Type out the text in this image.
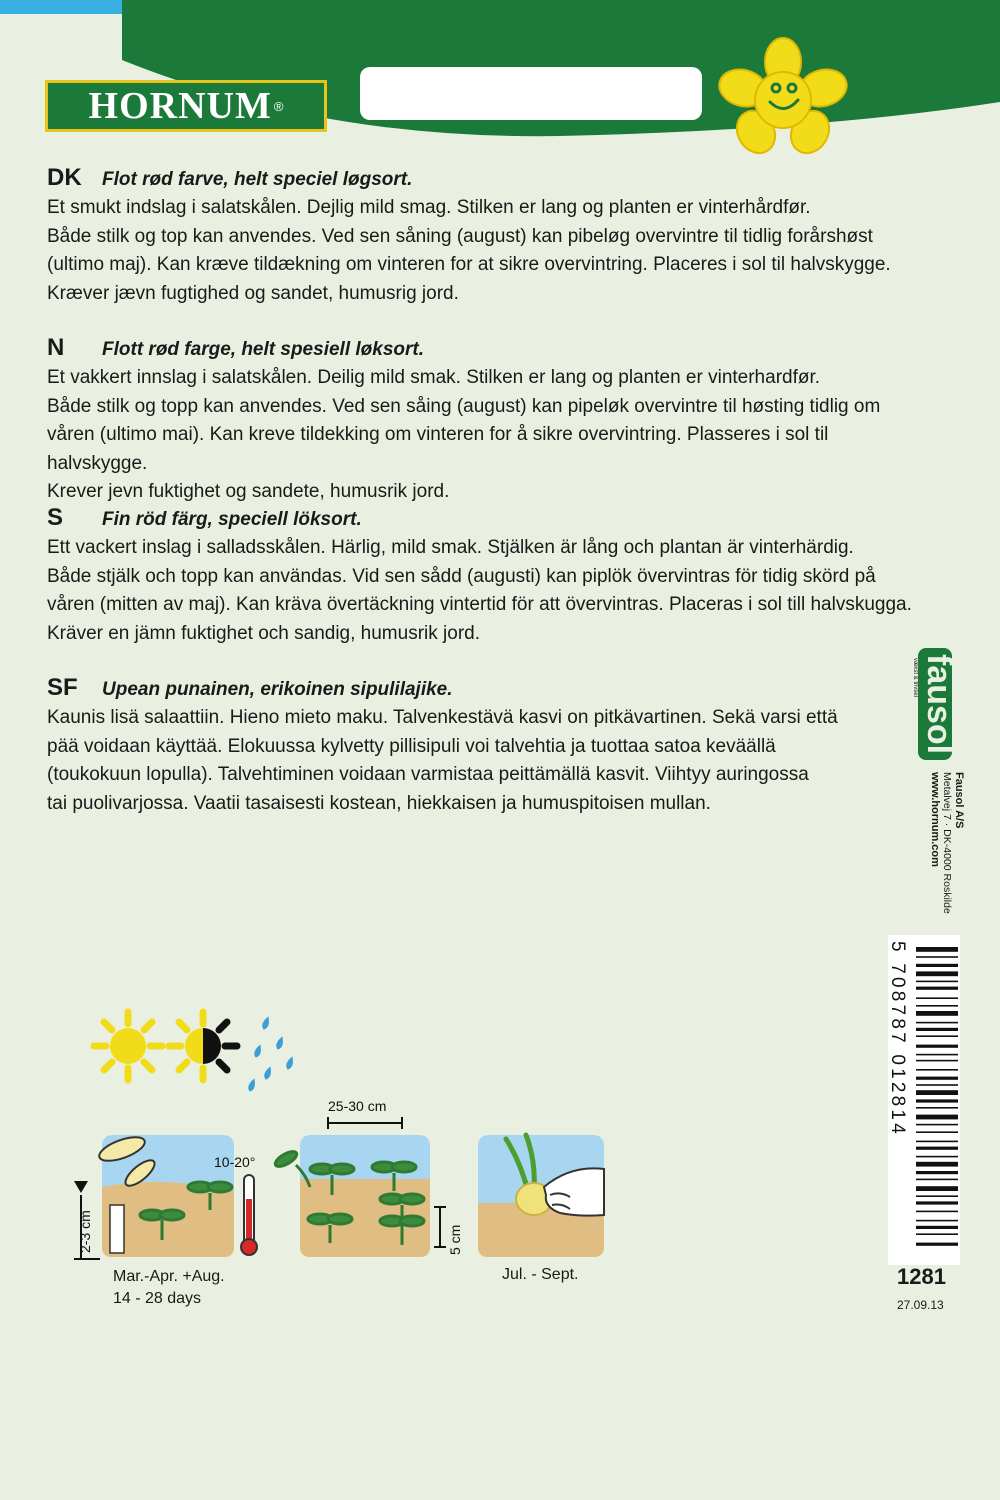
HORNUM ®
DK	Flot rød farve, helt speciel løgsort.

Et smukt indslag i salatskålen. Dejlig mild smag. Stilken er lang og planten er vinterhårdfør.
Både stilk og top kan anvendes. Ved sen såning (august) kan pibeløg overvintre til tidlig forårshøst
(ultimo maj). Kan kræve tildækning om vinteren for at sikre overvintring. Placeres i sol til halvskygge.
Kræver jævn fugtighed og sandet, humusrig jord.

N	Flott rød farge, helt spesiell løksort.

Et vakkert innslag i salatskålen. Deilig mild smak. Stilken er lang og planten er vinterhardfør.
Både stilk og topp kan anvendes. Ved sen såing (august) kan pipeløk overvintre til høsting tidlig om
våren (ultimo mai). Kan kreve tildekking om vinteren for å sikre overvintring. Plasseres i sol til halvskygge.
Krever jevn fuktighet og sandete, humusrik jord.

S	Fin röd färg, speciell löksort.

Ett vackert inslag i salladsskålen. Härlig, mild smak. Stjälken är lång och plantan är vinterhärdig.
Både stjälk och topp kan användas. Vid sen sådd (augusti) kan piplök övervintras för tidig skörd på
våren (mitten av maj). Kan kräva övertäckning vintertid för att övervintras. Placeras i sol till halvskugga.
Kräver en jämn fuktighet och sandig, humusrik jord.

SF	Upean punainen, erikoinen sipulilajike.

Kaunis lisä salaattiin. Hieno mieto maku. Talvenkestävä kasvi on pitkävartinen. Sekä varsi että
pää voidaan käyttää. Elokuussa kylvetty pillisipuli voi talvehtia ja tuottaa satoa keväällä
(toukokuun lopulla). Talvehtiminen voidaan varmistaa peittämällä kasvit. Viihtyy auringossa
tai puolivarjossa. Vaatii tasaisesti kostean, hiekkaisen ja humuspitoisen mullan.

fausol
vækst & trivsel
Fausol A/S
Metalvej 7 · DK-4000 Roskilde
www.hornum.com
5 708787 012814
1281
27.09.13
2-3 cm
10-20°
5 cm
25-30 cm
Mar.-Apr. +Aug.
14 - 28 days
Jul. - Sept.
